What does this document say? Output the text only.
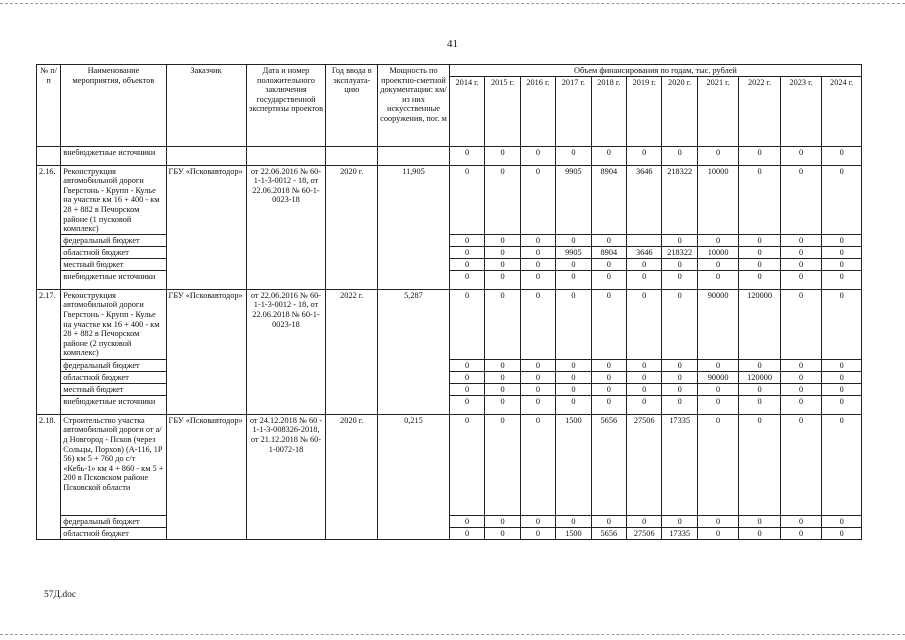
41
№ п/п	Наименование мероприятия, объектов	Заказчик	Дата и номер положительного заключения государственной экспертизы проектов	Год ввода в эксплуата-цию	Мощность по проектно-сметной документации: км/из них искусственные сооружения, пог. м	Объем финансирования по годам, тыс. рублей										
						2014 г.	2015 г.	2016 г.	2017 г.	2018 г.	2019 г.	2020 г.	2021 г.	2022 г.	2023 г.	2024 г.
	внебюджетные источники					0	0	0	0	0	0	0	0	0	0	0
2.16.	Реконструкция автомобильной дороги Гверстонь - Крупп - Кулье на участке км 16 + 400 - км 28 + 882 в Печорском районе (1 пусковой комплекс)	ГБУ «Псковавтодор»	от 22.06.2016 № 60-1-1-3-0012 - 18, от 22.06.2018 № 60-1-0023-18	2020 г.	11,905	0	0	0	9905	8904	3646	218322	10000	0	0	0
	федеральный бюджет					0	0	0	0	0		0	0	0	0	0
	областной бюджет					0	0	0	9905	8904	3646	218322	10000	0	0	0
	местный бюджет					0	0	0	0	0	0	0	0	0	0	0
	внебюджетные источники					0	0	0	0	0	0	0	0	0	0	0
2.17.	Реконструкция автомобильной дороги Гверстонь - Крупп - Кулье на участке км 16 + 400 - км 28 + 882 в Печорском районе (2 пусковой комплекс)	ГБУ «Псковавтодор»	от 22.06.2016 № 60-1-1-3-0012 - 18, от 22.06.2018 № 60-1-0023-18	2022 г.	5,287	0	0	0	0	0	0	0	90000	120000	0	0
	федеральный бюджет					0	0	0	0	0	0	0	0	0	0	0
	областной бюджет					0	0	0	0	0	0	0	90000	120000	0	0
	местный бюджет					0	0	0	0	0	0	0	0	0	0	0
	внебюджетные источники					0	0	0	0	0	0	0	0	0	0	0
2.18.	Строительство участка автомобильной дороги от а/д Новгород - Псков (через Сольцы, Порхов) (А-116, 1Р 56) км 5 + 760 до с/т «Кебь-1» км 4 + 860 - км 5 + 200 в Псковском районе Псковской области	ГБУ «Псковавтодор»	от 24.12.2018 № 60 - 1-1-3-008326-2018, от 21.12.2018 № 60-1-0072-18	2020 г.	0,215	0	0	0	1500	5656	27506	17335	0	0	0	0
	федеральный бюджет					0	0	0	0	0	0	0	0	0	0	0
	областной бюджет					0	0	0	1500	5656	27506	17335	0	0	0	0
57Д.doc
